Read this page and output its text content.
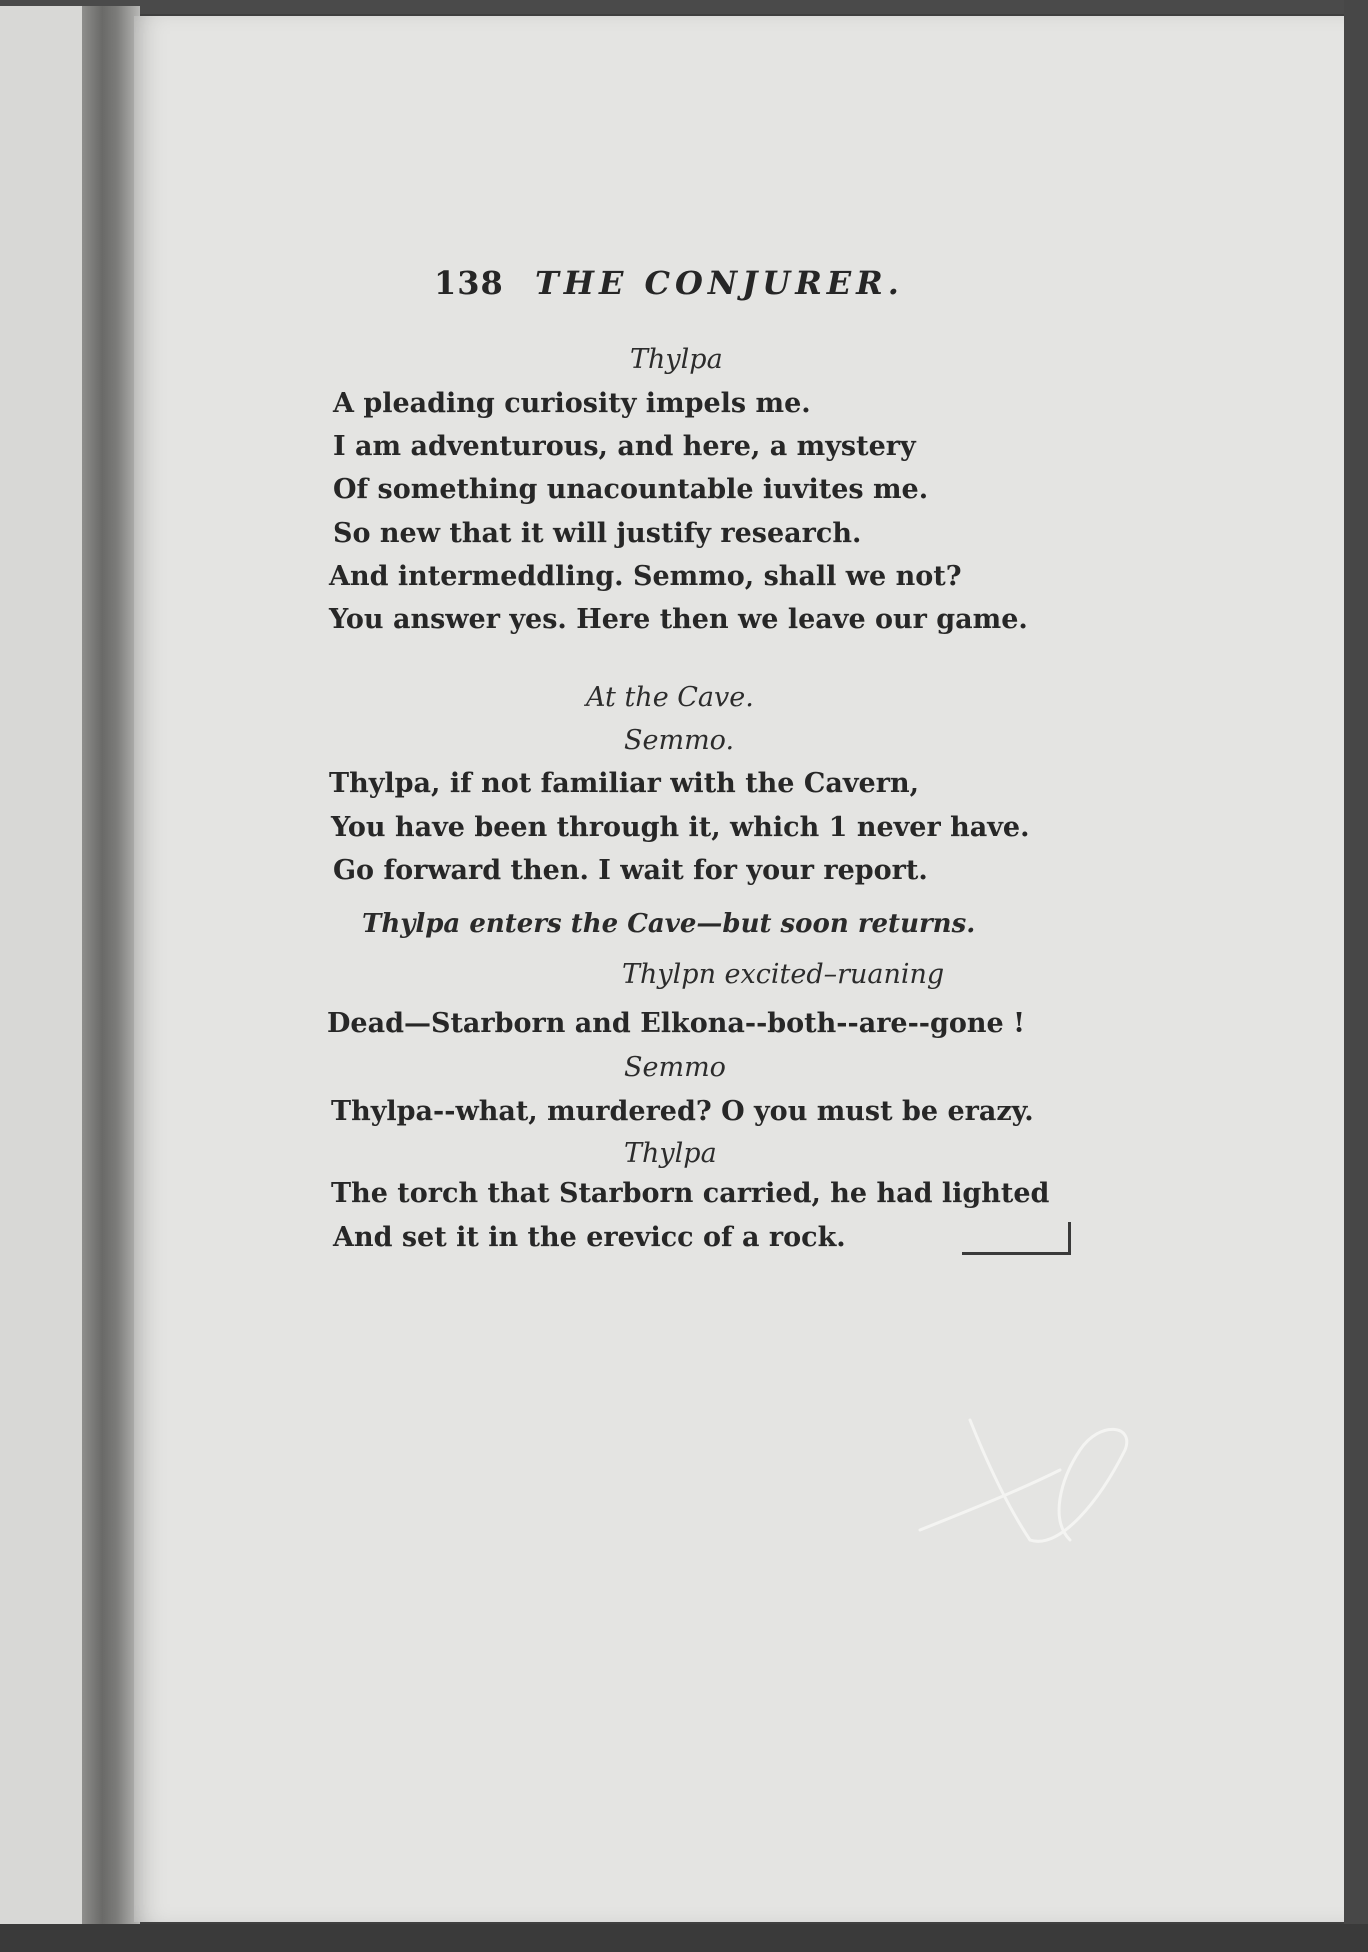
138 THE CONJURER.
Thylpa
A pleading curiosity impels me.
I am adventurous, and here, a mystery
Of something unacountable iuvites me.
So new that it will justify research.
And intermeddling. Semmo, shall we not?
You answer yes. Here then we leave our game.
At the Cave.
Semmo.
Thylpa, if not familiar with the Cavern,
You have been through it, which 1 never have.
Go forward then. I wait for your report.
Thylpa enters the Cave—but soon returns.
Thylpn excited–ruaning
Dead—Starborn and Elkona--both--are--gone !
Semmo
Thylpa--what, murdered? O you must be erazy.
Thylpa
The torch that Starborn carried, he had lighted
And set it in the erevicc of a rock.
